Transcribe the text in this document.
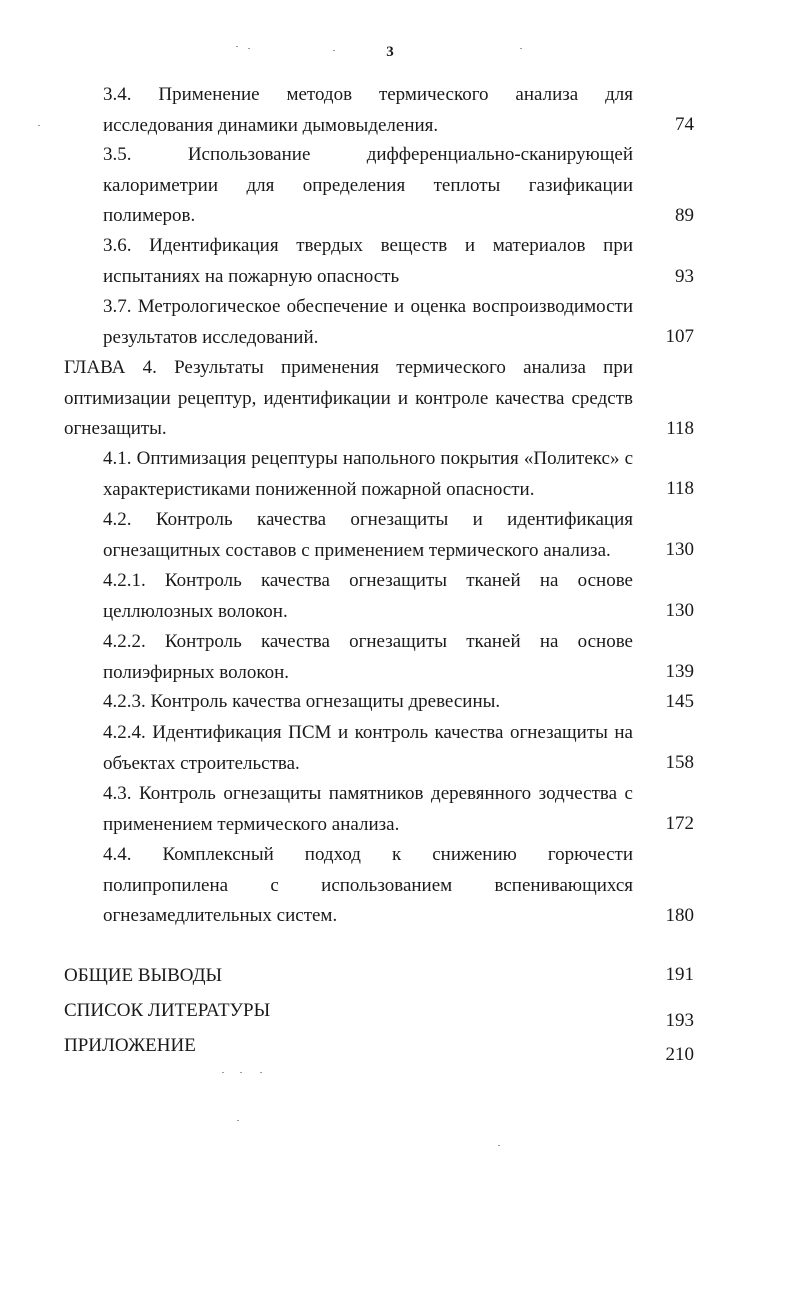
3
3.4. Применение методов термического анализа для
исследования динамики дымовыделения.	74
3.5. Использование дифференциально-сканирующей
калориметрии для определения теплоты газификации
полимеров.	89
3.6. Идентификация твердых веществ и материалов при
испытаниях на пожарную опасность	93
3.7. Метрологическое обеспечение и оценка воспроизводимости
результатов исследований.	107
ГЛАВА 4. Результаты применения термического анализа при
оптимизации рецептур, идентификации и контроле качества средств
огнезащиты.	118
4.1. Оптимизация рецептуры напольного покрытия «Политекс» с
характеристиками пониженной пожарной опасности.	118
4.2. Контроль качества огнезащиты и идентификация
огнезащитных составов с применением термического анализа.	130
4.2.1. Контроль качества огнезащиты тканей на основе
целлюлозных волокон.	130
4.2.2. Контроль качества огнезащиты тканей на основе
полиэфирных волокон.	139
4.2.3. Контроль качества огнезащиты древесины.	145
4.2.4. Идентификация ПСМ и контроль качества огнезащиты на
объектах строительства.	158
4.3. Контроль огнезащиты памятников деревянного зодчества с
применением термического анализа.	172
4.4. Комплексный подход к снижению горючести
полипропилена с использованием вспенивающихся
огнезамедлительных систем.	180
ОБЩИЕ ВЫВОДЫ	191
СПИСОК ЛИТЕРАТУРЫ	193
ПРИЛОЖЕНИЕ	210
